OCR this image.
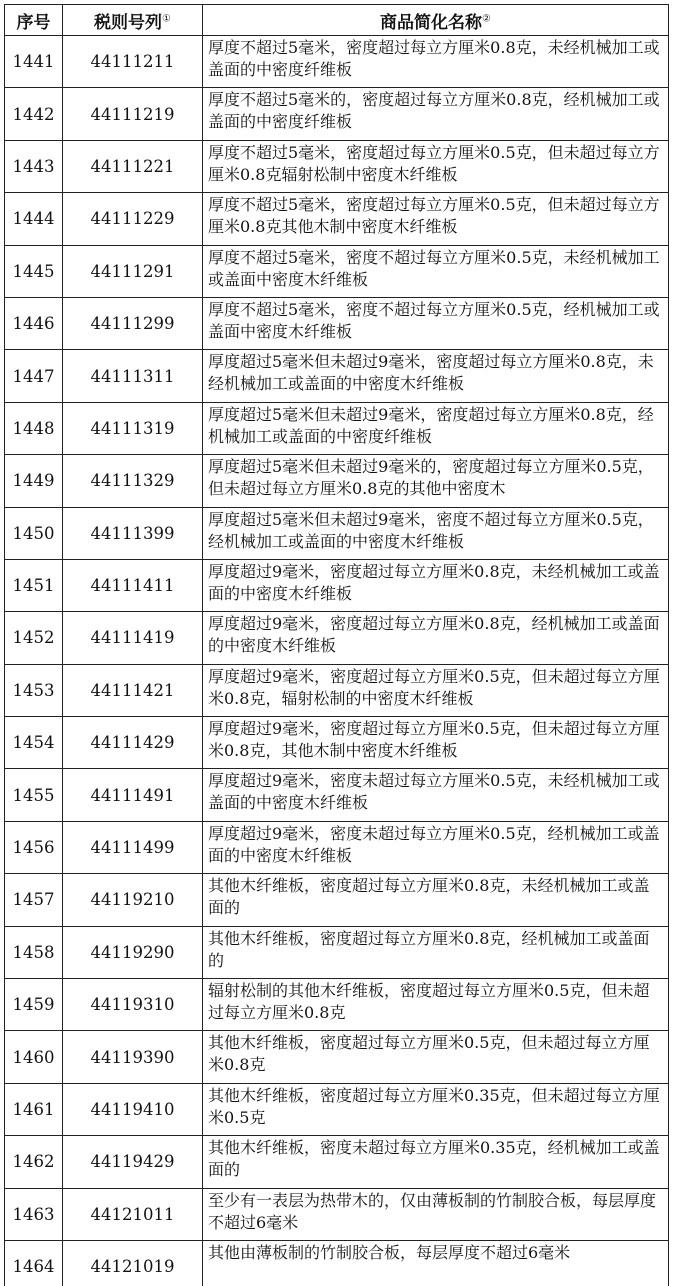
序号	税则号列①	商品简化名称②
1441	44111211	厚度不超过5毫米，密度超过每立方厘米0.8克，未经机械加工或盖面的中密度纤维板

1442	44111219	厚度不超过5毫米的，密度超过每立方厘米0.8克，经机械加工或盖面的中密度纤维板

1443	44111221	厚度不超过5毫米，密度超过每立方厘米0.5克，但未超过每立方厘米0.8克辐射松制中密度木纤维板

1444	44111229	厚度不超过5毫米，密度超过每立方厘米0.5克，但未超过每立方厘米0.8克其他木制中密度木纤维板

1445	44111291	厚度不超过5毫米，密度不超过每立方厘米0.5克，未经机械加工或盖面中密度木纤维板

1446	44111299	厚度不超过5毫米，密度不超过每立方厘米0.5克，经机械加工或盖面中密度木纤维板

1447	44111311	厚度超过5毫米但未超过9毫米，密度超过每立方厘米0.8克，未经机械加工或盖面的中密度木纤维板

1448	44111319	厚度超过5毫米但未超过9毫米，密度超过每立方厘米0.8克，经机械加工或盖面的中密度纤维板

1449	44111329	厚度超过5毫米但未超过9毫米的，密度超过每立方厘米0.5克，但未超过每立方厘米0.8克的其他中密度木

1450	44111399	厚度超过5毫米但未超过9毫米，密度不超过每立方厘米0.5克，经机械加工或盖面的中密度木纤维板

1451	44111411	厚度超过9毫米，密度超过每立方厘米0.8克，未经机械加工或盖面的中密度木纤维板

1452	44111419	厚度超过9毫米，密度超过每立方厘米0.8克，经机械加工或盖面的中密度木纤维板

1453	44111421	厚度超过9毫米，密度超过每立方厘米0.5克，但未超过每立方厘米0.8克，辐射松制的中密度木纤维板

1454	44111429	厚度超过9毫米，密度超过每立方厘米0.5克，但未超过每立方厘米0.8克，其他木制中密度木纤维板

1455	44111491	厚度超过9毫米，密度未超过每立方厘米0.5克，未经机械加工或盖面的中密度木纤维板

1456	44111499	厚度超过9毫米，密度未超过每立方厘米0.5克，经机械加工或盖面的中密度木纤维板

1457	44119210	其他木纤维板，密度超过每立方厘米0.8克，未经机械加工或盖面的

1458	44119290	其他木纤维板，密度超过每立方厘米0.8克，经机械加工或盖面的

1459	44119310	辐射松制的其他木纤维板，密度超过每立方厘米0.5克，但未超过每立方厘米0.8克

1460	44119390	其他木纤维板，密度超过每立方厘米0.5克，但未超过每立方厘米0.8克

1461	44119410	其他木纤维板，密度超过每立方厘米0.35克，但未超过每立方厘米0.5克

1462	44119429	其他木纤维板，密度未超过每立方厘米0.35克，经机械加工或盖面的

1463	44121011	至少有一表层为热带木的，仅由薄板制的竹制胶合板，每层厚度不超过6毫米

1464	44121019	其他由薄板制的竹制胶合板，每层厚度不超过6毫米
